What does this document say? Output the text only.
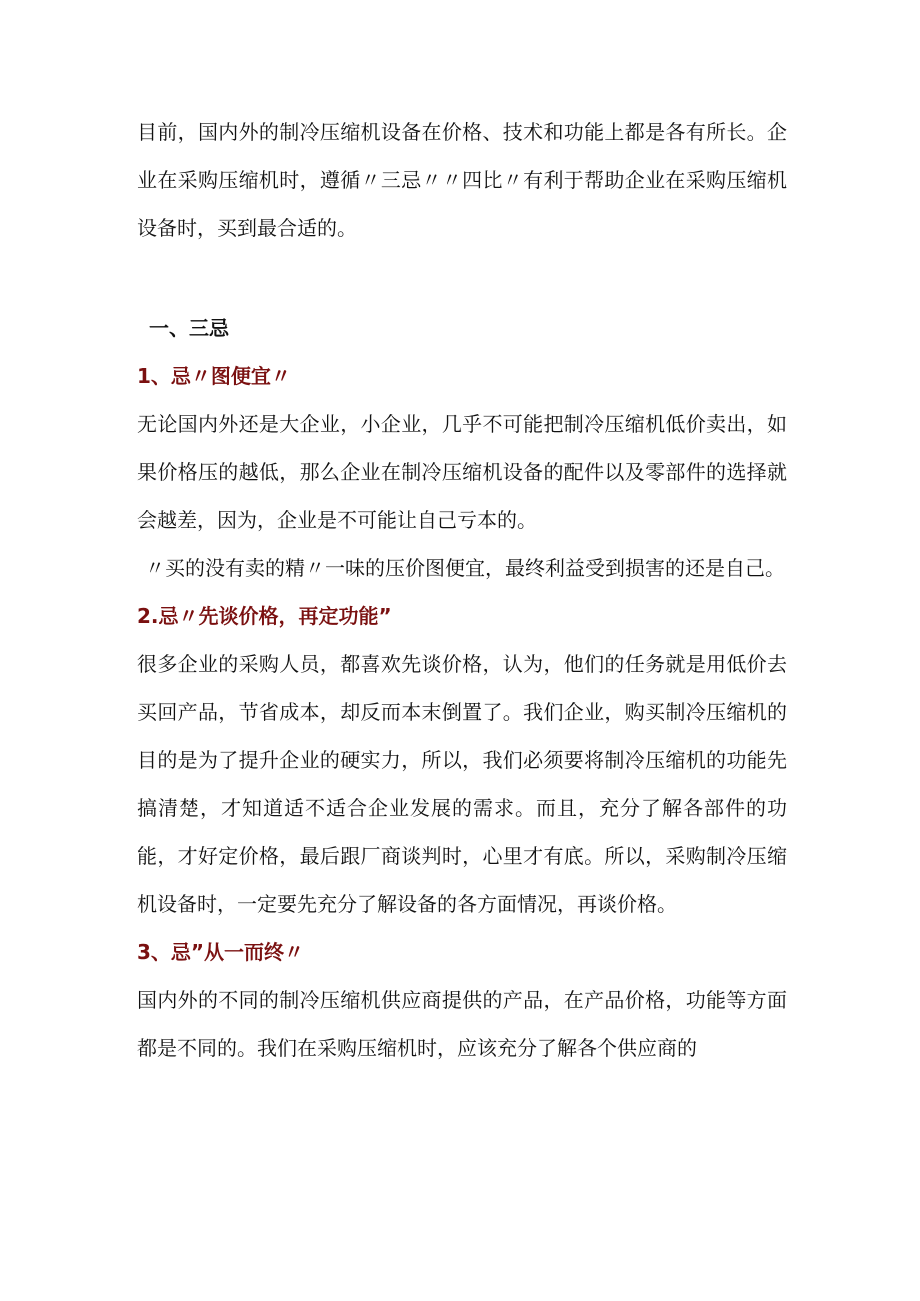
目前，国内外的制冷压缩机设备在价格、技术和功能上都是各有所长。企业在采购压缩机时，遵循〃三忌〃〃四比〃有利于帮助企业在采购压缩机设备时，买到最合适的。

一、三忌

1、忌〃图便宜〃

无论国内外还是大企业，小企业，几乎不可能把制冷压缩机低价卖出，如果价格压的越低，那么企业在制冷压缩机设备的配件以及零部件的选择就会越差，因为，企业是不可能让自己亏本的。

〃买的没有卖的精〃一味的压价图便宜，最终利益受到损害的还是自己。

2.忌〃先谈价格，再定功能”

很多企业的采购人员，都喜欢先谈价格，认为，他们的任务就是用低价去买回产品，节省成本，却反而本末倒置了。我们企业，购买制冷压缩机的目的是为了提升企业的硬实力，所以，我们必须要将制冷压缩机的功能先搞清楚，才知道适不适合企业发展的需求。而且，充分了解各部件的功能，才好定价格，最后跟厂商谈判时，心里才有底。所以，采购制冷压缩机设备时，一定要先充分了解设备的各方面情况，再谈价格。

3、忌”从一而终〃

国内外的不同的制冷压缩机供应商提供的产品，在产品价格，功能等方面都是不同的。我们在采购压缩机时，应该充分了解各个供应商的
